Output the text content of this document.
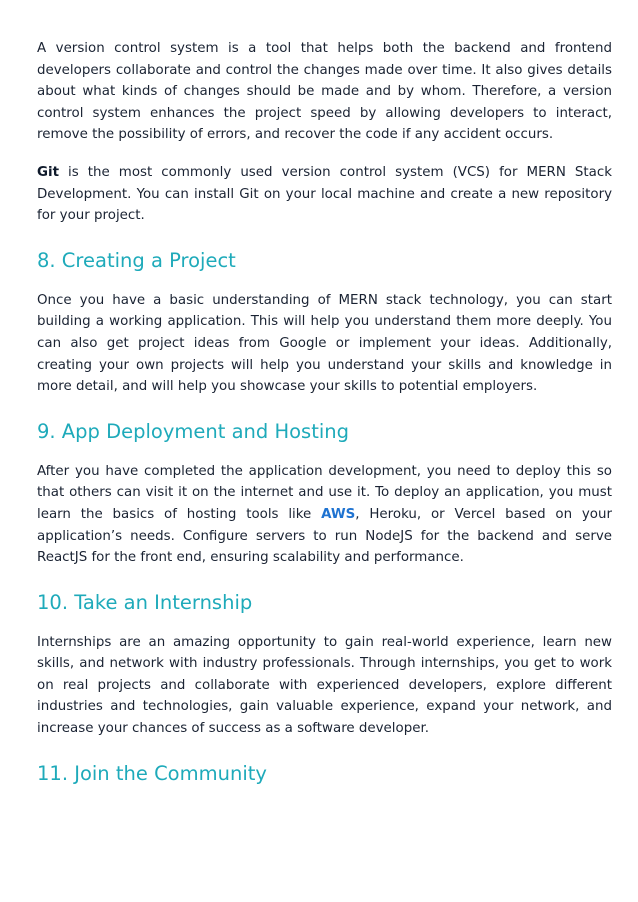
A version control system is a tool that helps both the backend and frontend developers collaborate and control the changes made over time. It also gives details about what kinds of changes should be made and by whom. Therefore, a version control system enhances the project speed by allowing developers to interact, remove the possibility of errors, and recover the code if any accident occurs.

Git is the most commonly used version control system (VCS) for MERN Stack Development. You can install Git on your local machine and create a new repository for your project.

8. Creating a Project

Once you have a basic understanding of MERN stack technology, you can start building a working application. This will help you understand them more deeply. You can also get project ideas from Google or implement your ideas. Additionally, creating your own projects will help you understand your skills and knowledge in more detail, and will help you showcase your skills to potential employers.

9. App Deployment and Hosting

After you have completed the application development, you need to deploy this so that others can visit it on the internet and use it. To deploy an application, you must learn the basics of hosting tools like AWS, Heroku, or Vercel based on your application’s needs. Configure servers to run NodeJS for the backend and serve ReactJS for the front end, ensuring scalability and performance.

10. Take an Internship

Internships are an amazing opportunity to gain real-world experience, learn new skills, and network with industry professionals. Through internships, you get to work on real projects and collaborate with experienced developers, explore different industries and technologies, gain valuable experience, expand your network, and increase your chances of success as a software developer.

11. Join the Community
